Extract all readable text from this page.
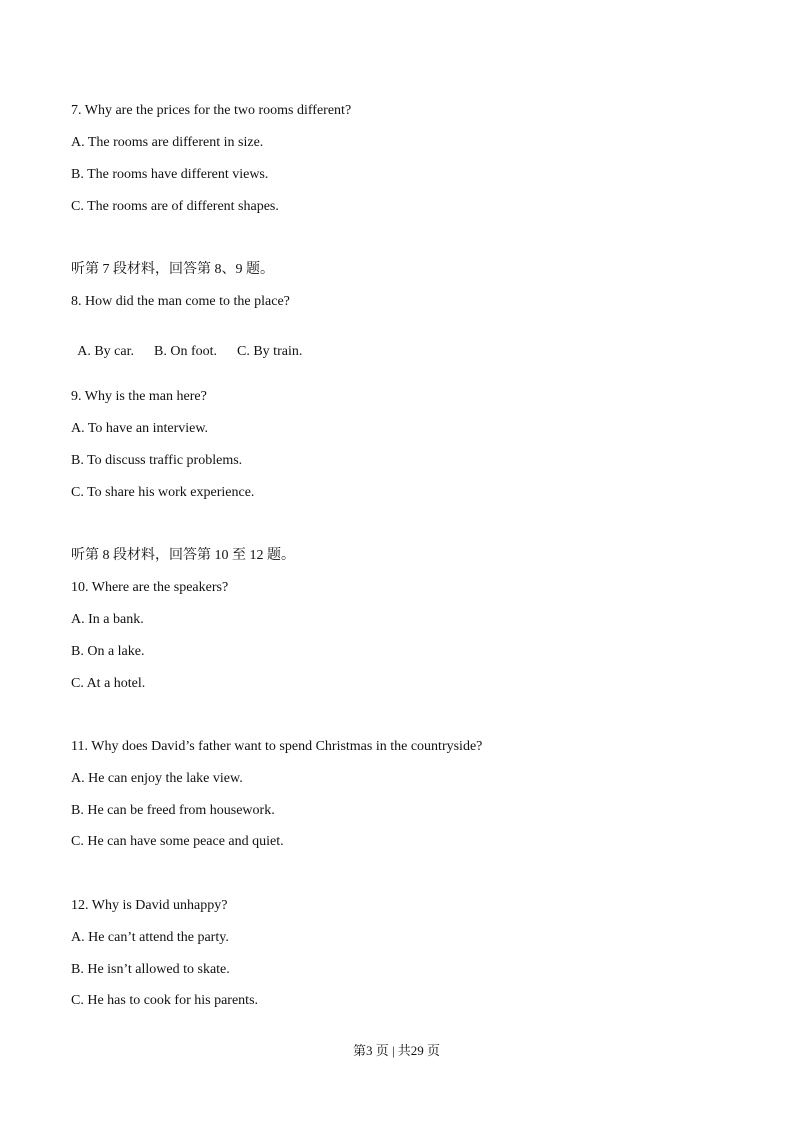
7. Why are the prices for the two rooms different?
A. The rooms are different in size.
B. The rooms have different views.
C. The rooms are of different shapes.
听第 7 段材料，回答第 8、9 题。
8. How did the man come to the place?

A. By car. B. On foot. C. By train.

9. Why is the man here?
A. To have an interview.
B. To discuss traffic problems.
C. To share his work experience.
听第 8 段材料，回答第 10 至 12 题。
10. Where are the speakers?
A. In a bank.
B. On a lake.
C. At a hotel.
11. Why does David’s father want to spend Christmas in the countryside?
A. He can enjoy the lake view.
B. He can be freed from housework.
C. He can have some peace and quiet.
12. Why is David unhappy?
A. He can’t attend the party.
B. He isn’t allowed to skate.
C. He has to cook for his parents.
第3 页 | 共29 页
